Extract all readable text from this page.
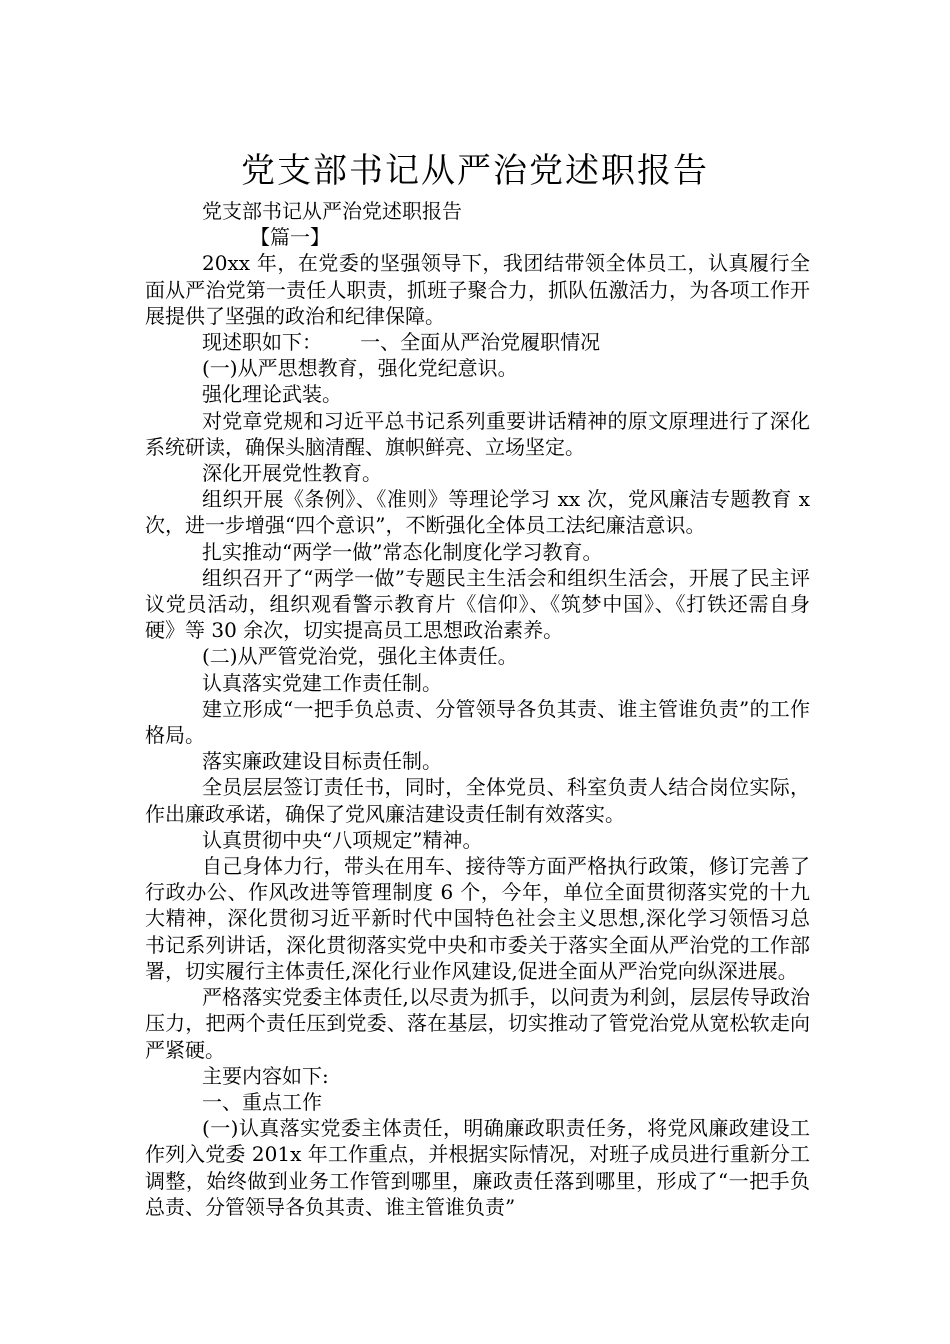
党支部书记从严治党述职报告

党支部书记从严治党述职报告

【篇一】

20xx 年，在党委的坚强领导下，我团结带领全体员工，认真履行全面从严治党第一责任人职责，抓班子聚合力，抓队伍激活力，为各项工作开展提供了坚强的政治和纪律保障。

现述职如下：      一、全面从严治党履职情况

(一)从严思想教育，强化党纪意识。

强化理论武装。

对党章党规和习近平总书记系列重要讲话精神的原文原理进行了深化系统研读，确保头脑清醒、旗帜鲜亮、立场坚定。

深化开展党性教育。

组织开展《条例》、《准则》等理论学习 xx 次，党风廉洁专题教育 x 次，进一步增强“四个意识”，不断强化全体员工法纪廉洁意识。

扎实推动“两学一做”常态化制度化学习教育。

组织召开了“两学一做”专题民主生活会和组织生活会，开展了民主评议党员活动，组织观看警示教育片《信仰》、《筑梦中国》、《打铁还需自身硬》等 30 余次，切实提高员工思想政治素养。

(二)从严管党治党，强化主体责任。

认真落实党建工作责任制。

建立形成“一把手负总责、分管领导各负其责、谁主管谁负责”的工作格局。

落实廉政建设目标责任制。

全员层层签订责任书，同时，全体党员、科室负责人结合岗位实际，作出廉政承诺，确保了党风廉洁建设责任制有效落实。

认真贯彻中央“八项规定”精神。

自己身体力行，带头在用车、接待等方面严格执行政策，修订完善了行政办公、作风改进等管理制度 6 个，今年，单位全面贯彻落实党的十九大精神，深化贯彻习近平新时代中国特色社会主义思想,深化学习领悟习总书记系列讲话，深化贯彻落实党中央和市委关于落实全面从严治党的工作部署，切实履行主体责任,深化行业作风建设,促进全面从严治党向纵深进展。

严格落实党委主体责任,以尽责为抓手，以问责为利剑，层层传导政治压力，把两个责任压到党委、落在基层，切实推动了管党治党从宽松软走向严紧硬。

主要内容如下:

一、重点工作

(一)认真落实党委主体责任，明确廉政职责任务，将党风廉政建设工作列入党委 201x 年工作重点，并根据实际情况，对班子成员进行重新分工调整，始终做到业务工作管到哪里，廉政责任落到哪里，形成了“一把手负总责、分管领导各负其责、谁主管谁负责”
